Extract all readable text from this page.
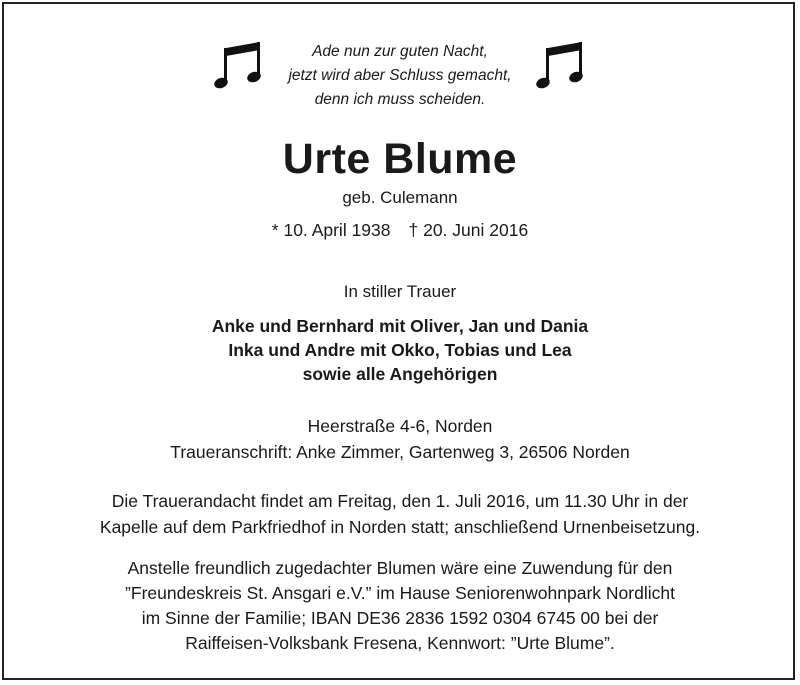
Ade nun zur guten Nacht,
jetzt wird aber Schluss gemacht,
denn ich muss scheiden.
Urte Blume
geb. Culemann
* 10. April 1938 † 20. Juni 2016
In stiller Trauer
Anke und Bernhard mit Oliver, Jan und Dania
Inka und Andre mit Okko, Tobias und Lea
sowie alle Angehörigen
Heerstraße 4-6, Norden
Traueranschrift: Anke Zimmer, Gartenweg 3, 26506 Norden
Die Trauerandacht findet am Freitag, den 1. Juli 2016, um 11.30 Uhr in der
Kapelle auf dem Parkfriedhof in Norden statt; anschließend Urnenbeisetzung.
Anstelle freundlich zugedachter Blumen wäre eine Zuwendung für den
”Freundeskreis St. Ansgari e.V.” im Hause Seniorenwohnpark Nordlicht
im Sinne der Familie; IBAN DE36 2836 1592 0304 6745 00 bei der
Raiffeisen-Volksbank Fresena, Kennwort: ”Urte Blume”.
